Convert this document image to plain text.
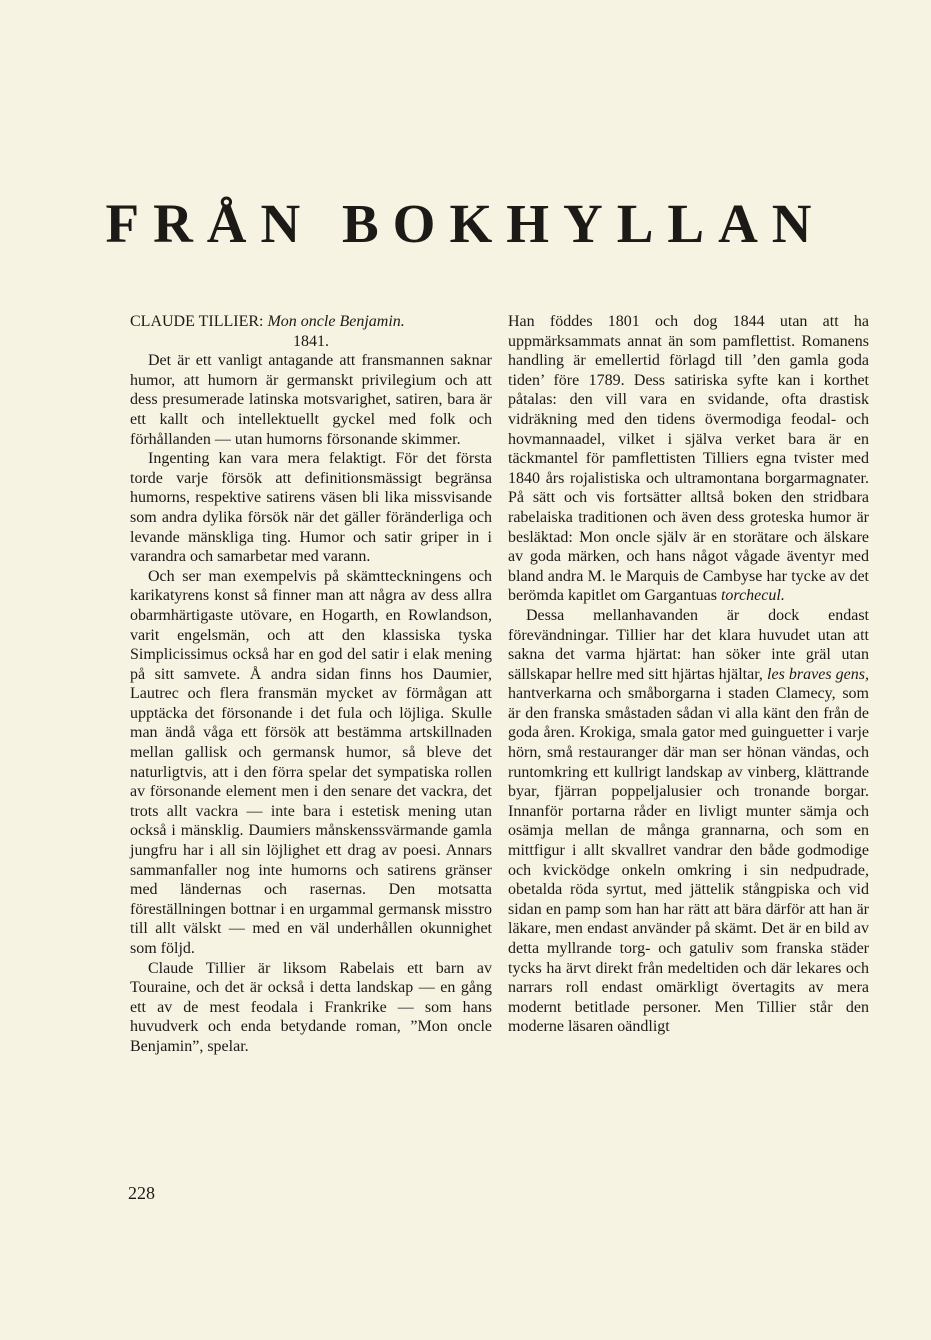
FRÅN BOKHYLLAN

CLAUDE TILLIER: Mon oncle Benjamin.
1841.

Det är ett vanligt antagande att fransmannen saknar humor, att humorn är germanskt privilegium och att dess presumerade latinska motsvarighet, satiren, bara är ett kallt och intellektuellt gyckel med folk och förhållanden — utan humorns försonande skimmer.

Ingenting kan vara mera felaktigt. För det första torde varje försök att definitionsmässigt begränsa humorns, respektive satirens väsen bli lika missvisande som andra dylika försök när det gäller föränderliga och levande mänskliga ting. Humor och satir griper in i varandra och samarbetar med varann.

Och ser man exempelvis på skämtteckningens och karikatyrens konst så finner man att några av dess allra obarmhärtigaste utövare, en Hogarth, en Rowlandson, varit engelsmän, och att den klassiska tyska Simplicissimus också har en god del satir i elak mening på sitt samvete. Å andra sidan finns hos Daumier, Lautrec och flera fransmän mycket av förmågan att upptäcka det försonande i det fula och löjliga. Skulle man ändå våga ett försök att bestämma artskillnaden mellan gallisk och germansk humor, så bleve det naturligtvis, att i den förra spelar det sympatiska rollen av försonande element men i den senare det vackra, det trots allt vackra — inte bara i estetisk mening utan också i mänsklig. Daumiers månskenssvärmande gamla jungfru har i all sin löjlighet ett drag av poesi. Annars sammanfaller nog inte humorns och satirens gränser med ländernas och rasernas. Den motsatta föreställningen bottnar i en urgammal germansk misstro till allt välskt — med en väl underhållen okunnighet som följd.

Claude Tillier är liksom Rabelais ett barn av Touraine, och det är också i detta landskap — en gång ett av de mest feodala i Frankrike — som hans huvudverk och enda betydande roman, ”Mon oncle Benjamin”, spelar.

Han föddes 1801 och dog 1844 utan att ha uppmärksammats annat än som pamflettist. Romanens handling är emellertid förlagd till ’den gamla goda tiden’ före 1789. Dess satiriska syfte kan i korthet påtalas: den vill vara en svidande, ofta drastisk vidräkning med den tidens övermodiga feodal- och hovmannaadel, vilket i själva verket bara är en täckmantel för pamflettisten Tilliers egna tvister med 1840 års rojalistiska och ultramontana borgarmagnater. På sätt och vis fortsätter alltså boken den stridbara rabelaiska traditionen och även dess groteska humor är besläktad: Mon oncle själv är en storätare och älskare av goda märken, och hans något vågade äventyr med bland andra M. le Marquis de Cambyse har tycke av det berömda kapitlet om Gargantuas torchecul.

Dessa mellanhavanden är dock endast förevändningar. Tillier har det klara huvudet utan att sakna det varma hjärtat: han söker inte gräl utan sällskapar hellre med sitt hjärtas hjältar, les braves gens, hantverkarna och småborgarna i staden Clamecy, som är den franska småstaden sådan vi alla känt den från de goda åren. Krokiga, smala gator med guinguetter i varje hörn, små restauranger där man ser hönan vändas, och runtomkring ett kullrigt landskap av vinberg, klättrande byar, fjärran poppeljalusier och tronande borgar. Innanför portarna råder en livligt munter sämja och osämja mellan de många grannarna, och som en mittfigur i allt skvallret vandrar den både godmodige och kvicködge onkeln omkring i sin nedpudrade, obetalda röda syrtut, med jättelik stångpiska och vid sidan en pamp som han har rätt att bära därför att han är läkare, men endast använder på skämt. Det är en bild av detta myllrande torg- och gatuliv som franska städer tycks ha ärvt direkt från medeltiden och där lekares och narrars roll endast omärkligt övertagits av mera modernt betitlade personer. Men Tillier står den moderne läsaren oändligt

228
